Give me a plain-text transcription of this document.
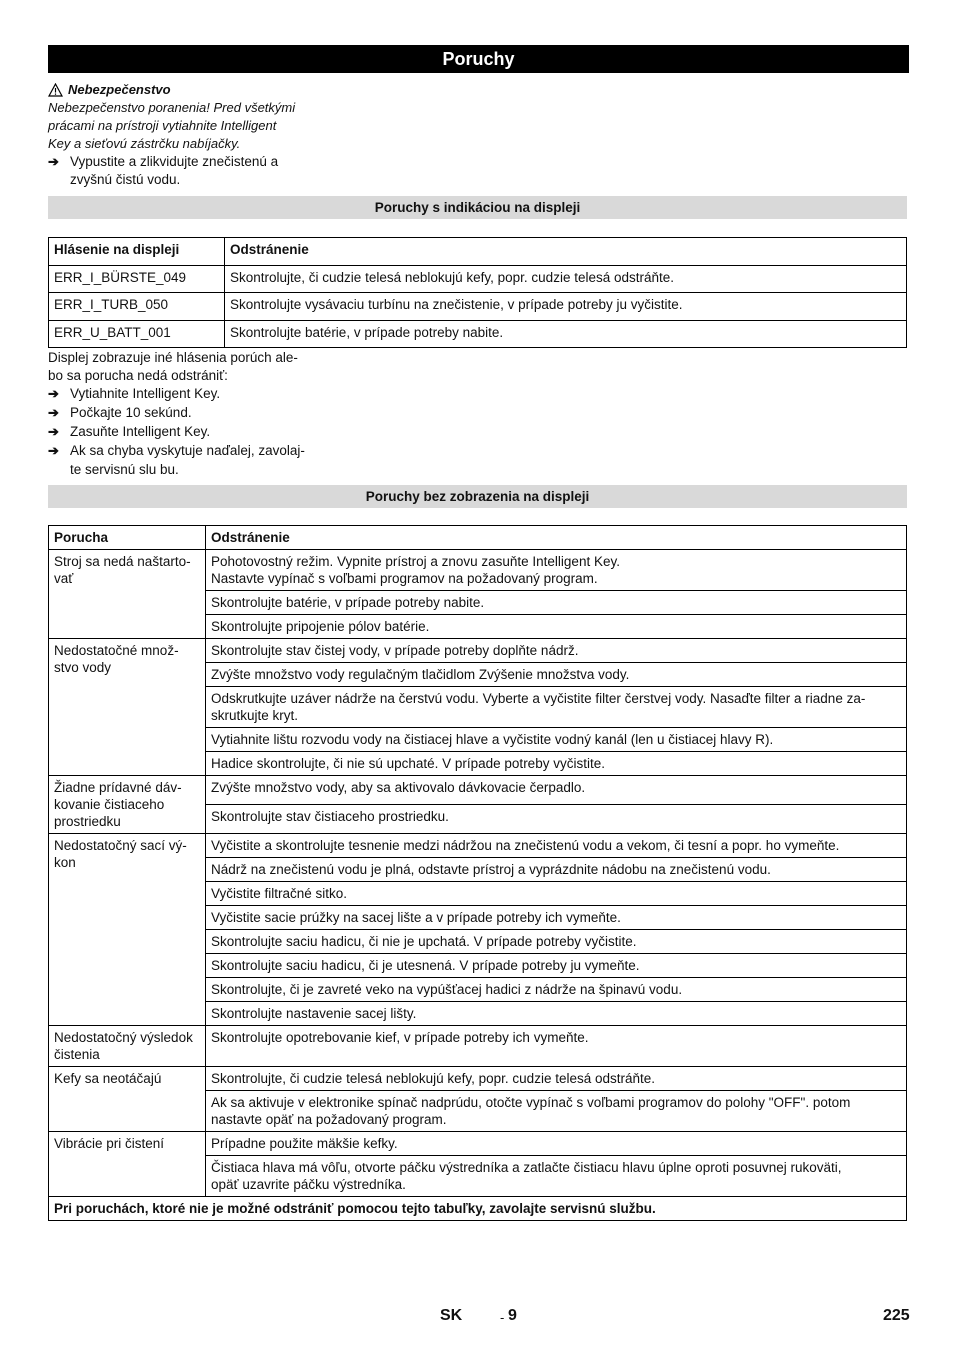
Poruchy
Nebezpečenstvo
Nebezpečenstvo poranenia! Pred všetkými
prácami na prístroji vytiahnite Intelligent
Key a sieťovú zástrčku nabíjačky.
➔ Vypustite a zlikvidujte znečistenú a
zvyšnú čistú vodu.
Poruchy s indikáciou na displeji
Hlásenie na displeji	Odstránenie
ERR_I_BÜRSTE_049	Skontrolujte, či cudzie telesá neblokujú kefy, popr. cudzie telesá odstráňte.
ERR_I_TURB_050	Skontrolujte vysávaciu turbínu na znečistenie, v prípade potreby ju vyčistite.
ERR_U_BATT_001	Skontrolujte batérie, v prípade potreby nabite.

Displej zobrazuje iné hlásenia porúch ale-
bo sa porucha nedá odstrániť:

➔ Vytiahnite Intelligent Key.
➔ Počkajte 10 sekúnd.
➔ Zasuňte Intelligent Key.
➔ Ak sa chyba vyskytuje naďalej, zavolaj-
te servisnú slu bu.
Poruchy bez zobrazenia na displeji
Porucha	Odstránenie
Stroj sa nedá naštarto-
vať	Pohotovostný režim. Vypnite prístroj a znovu zasuňte Intelligent Key.
Nastavte vypínač s voľbami programov na požadovaný program.
	Skontrolujte batérie, v prípade potreby nabite.
	Skontrolujte pripojenie pólov batérie.
Nedostatočné množ-
stvo vody	Skontrolujte stav čistej vody, v prípade potreby doplňte nádrž.
	Zvýšte množstvo vody regulačným tlačidlom Zvýšenie množstva vody.
	Odskrutkujte uzáver nádrže na čerstvú vodu. Vyberte a vyčistite filter čerstvej vody. Nasaďte filter a riadne za-
skrutkujte kryt.
	Vytiahnite lištu rozvodu vody na čistiacej hlave a vyčistite vodný kanál (len u čistiacej hlavy R).
	Hadice skontrolujte, či nie sú upchaté. V prípade potreby vyčistite.
Žiadne prídavné dáv-
kovanie čistiaceho
prostriedku	Zvýšte množstvo vody, aby sa aktivovalo dávkovacie čerpadlo.
	Skontrolujte stav čistiaceho prostriedku.

Nedostatočný sací vý-
kon	Vyčistite a skontrolujte tesnenie medzi nádržou na znečistenú vodu a vekom, či tesní a popr. ho vymeňte.
	Nádrž na znečistenú vodu je plná, odstavte prístroj a vyprázdnite nádobu na znečistenú vodu.
	Vyčistite filtračné sitko.
	Vyčistite sacie prúžky na sacej lište a v prípade potreby ich vymeňte.
	Skontrolujte saciu hadicu, či nie je upchatá. V prípade potreby vyčistite.
	Skontrolujte saciu hadicu, či je utesnená. V prípade potreby ju vymeňte.
	Skontrolujte, či je zavreté veko na vypúšťacej hadici z nádrže na špinavú vodu.
	Skontrolujte nastavenie sacej lišty.
Nedostatočný výsledok
čistenia	Skontrolujte opotrebovanie kief, v prípade potreby ich vymeňte.

Kefy sa neotáčajú	Skontrolujte, či cudzie telesá neblokujú kefy, popr. cudzie telesá odstráňte.
	Ak sa aktivuje v elektronike spínač nadprúdu, otočte vypínač s voľbami programov do polohy "OFF". potom
nastavte opäť na požadovaný program.
Vibrácie pri čistení	Prípadne použite mäkšie kefky.
	Čistiaca hlava má vôľu, otvorte páčku výstredníka a zatlačte čistiacu hlavu úplne oproti posuvnej rukoväti,
opäť uzavrite páčku výstredníka.
Pri poruchách, ktoré nie je možné odstrániť pomocou tejto tabuľky, zavolajte servisnú službu.	
SK	- 9	225
